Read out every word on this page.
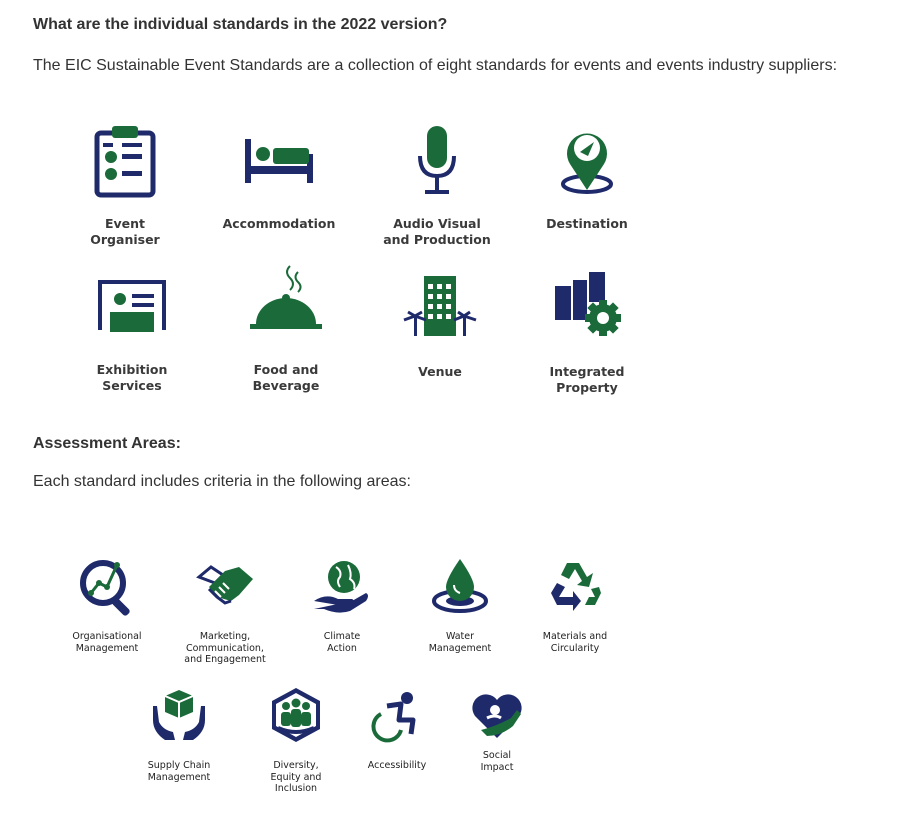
What are the individual standards in the 2022 version?
The EIC Sustainable Event Standards are a collection of eight standards for events and events industry suppliers:
Event
Organiser
Accommodation	Audio Visual
and Production
Destination
Exhibition
Services
Food and
Beverage
Venue	Integrated
Property
Assessment Areas:
Each standard includes criteria in the following areas:
Organisational
Management
Marketing,
Communication,
and Engagement
Climate
Action
Water
Management
Materials and
Circularity
Supply Chain
Management
Diversity,
Equity and
Inclusion
Accessibility
Social
Impact
